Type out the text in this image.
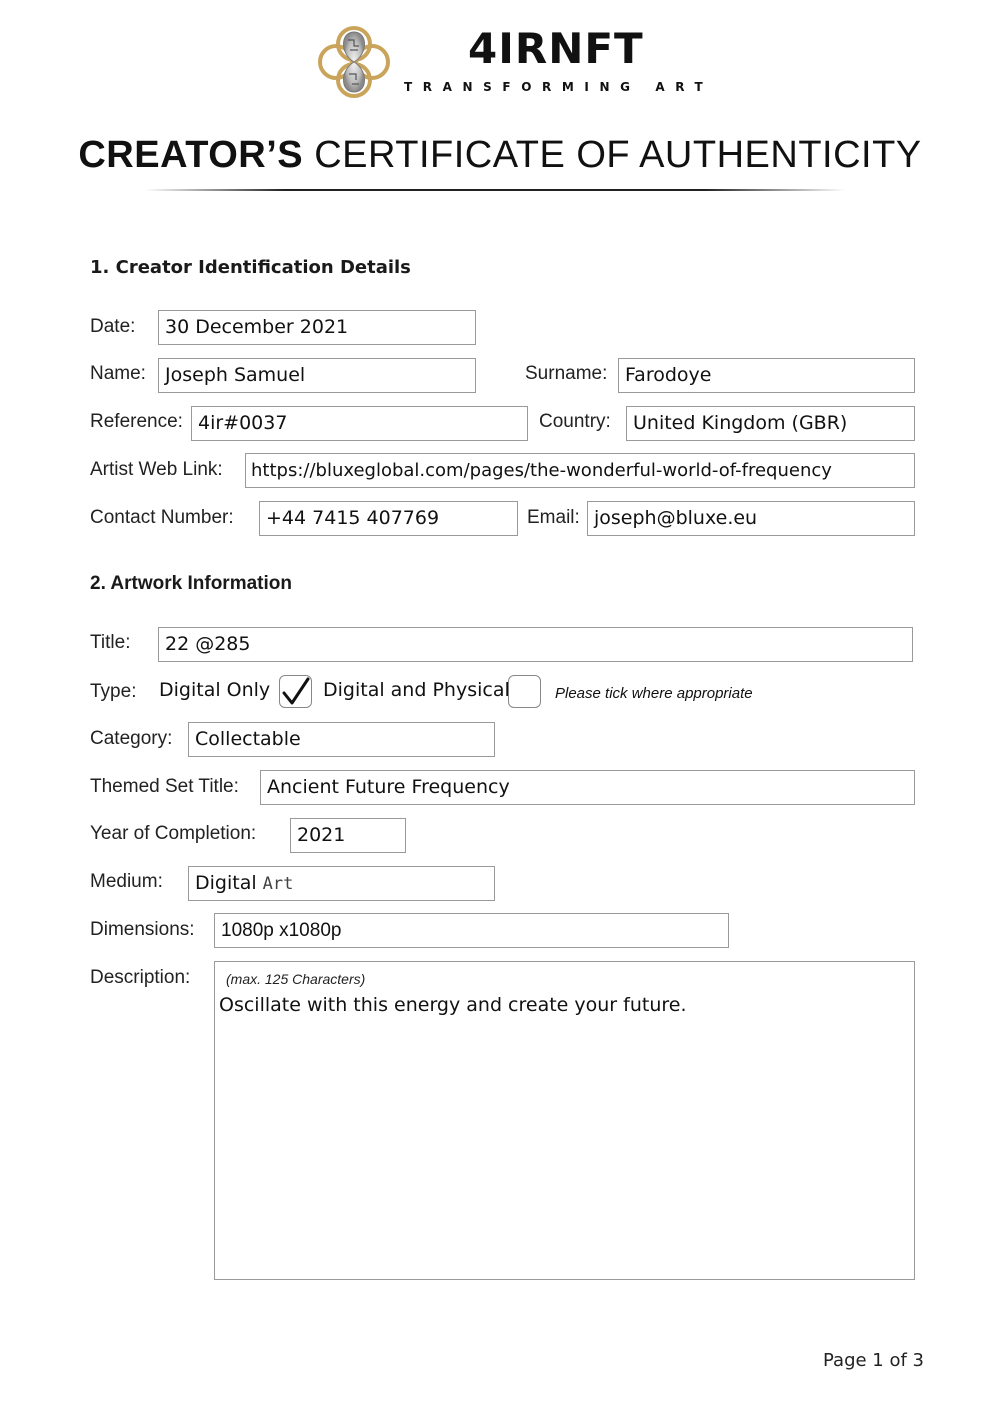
4IRNFT
TRANSFORMING ART
CREATOR’S CERTIFICATE OF AUTHENTICITY
1. Creator Identification Details
Date:	30 December 2021
Name:	Joseph Samuel	Surname: Farodoye
Reference: 4ir#0037	Country:	United Kingdom (GBR)
Artist Web Link:	https://bluxeglobal.com/pages/the-wonderful-world-of-frequency
Contact Number:	+44 7415 407769	Email: joseph@bluxe.eu
2. Artwork Information
Title:	22 @285
Type: Digital Only	Digital and Physical	Please tick where appropriate
Category:	Collectable
Themed Set Title:	Ancient Future Frequency
Year of Completion:	2021
Medium:	Digital Art
Dimensions:	1080p x1080p
Description:	(max. 125 Characters)
Oscillate with this energy and create your future.
Page 1 of 3
